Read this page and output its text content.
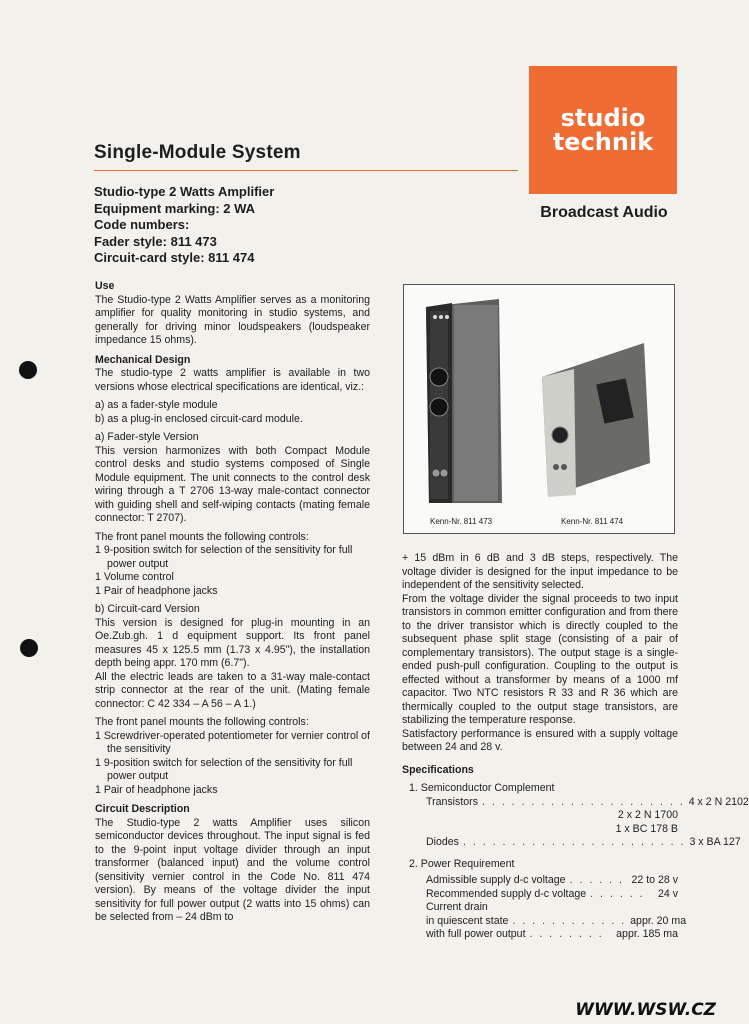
studio
technik
Broadcast Audio
Single-Module System
Studio-type 2 Watts Amplifier
Equipment marking: 2 WA
Code numbers:
Fader style: 811 473
Circuit-card style: 811 474

Use

The Studio-type 2 Watts Amplifier serves as a monitoring amplifier for quality monitoring in studio systems, and generally for driving minor loudspeakers (loudspeaker impedance 15 ohms).

Mechanical Design

The studio-type 2 watts amplifier is available in two versions whose electrical specifications are identical, viz.:

a) as a fader-style module

b) as a plug-in enclosed circuit-card module.

a) Fader-style Version

This version harmonizes with both Compact Module control desks and studio systems composed of Single Module equipment. The unit connects to the control desk wiring through a T 2706 13-way male-contact connector with guiding shell and self-wiping contacts (mating female connector: T 2707).

The front panel mounts the following controls:

1 9-position switch for selection of the sensitivity for full power output

1 Volume control

1 Pair of headphone jacks

b) Circuit-card Version

This version is designed for plug-in mounting in an Oe.Zub.gh. 1 d equipment support. Its front panel measures 45 x 125.5 mm (1.73 x 4.95"), the installation depth being appr. 170 mm (6.7").

All the electric leads are taken to a 31-way male-contact strip connector at the rear of the unit. (Mating female connector: C 42 334 – A 56 – A 1.)

The front panel mounts the following controls:

1 Screwdriver-operated potentiometer for vernier control of the sensitivity

1 9-position switch for selection of the sensitivity for full power output

1 Pair of headphone jacks

Circuit Description

The Studio-type 2 watts Amplifier uses silicon semiconductor devices throughout. The input signal is fed to the 9-point input voltage divider through an input transformer (balanced input) and the volume control (sensitivity vernier control in the Code No. 811 474 version). By means of the voltage divider the input sensitivity for full power output (2 watts into 15 ohms) can be selected from – 24 dBm to

Kenn-Nr. 811 473	Kenn-Nr. 811 474

+ 15 dBm in 6 dB and 3 dB steps, respectively. The voltage divider is designed for the input impedance to be independent of the sensitivity selected.

From the voltage divider the signal proceeds to two input transistors in common emitter configuration and from there to the driver transistor which is directly coupled to the subsequent phase split stage (consisting of a pair of complementary transistors). The output stage is a single-ended push-pull configuration. Coupling to the output is effected without a transformer by means of a 1000 mf capacitor. Two NTC resistors R 33 and R 36 which are thermically coupled to the output stage transistors, are stabilizing the temperature response.

Satisfactory performance is ensured with a supply voltage between 24 and 28 v.

Specifications

1. Semiconductor Complement

Transistors . . . . . . . . . . . . . . . . . . . . . 4 x 2 N 2102
2 x 2 N 1700
1 x BC 178 B
Diodes . . . . . . . . . . . . . . . . . . . . . . . 3 x BA 127

2. Power Requirement

Admissible supply d-c voltage . . . . . . 22 to 28 v
Recommended supply d-c voltage . . . . . .	24 v
Current drain
in quiescent state . . . . . . . . . . . . appr. 20 ma
with full power output . . . . . . . .	appr. 185 ma
WWW.WSW.CZ
